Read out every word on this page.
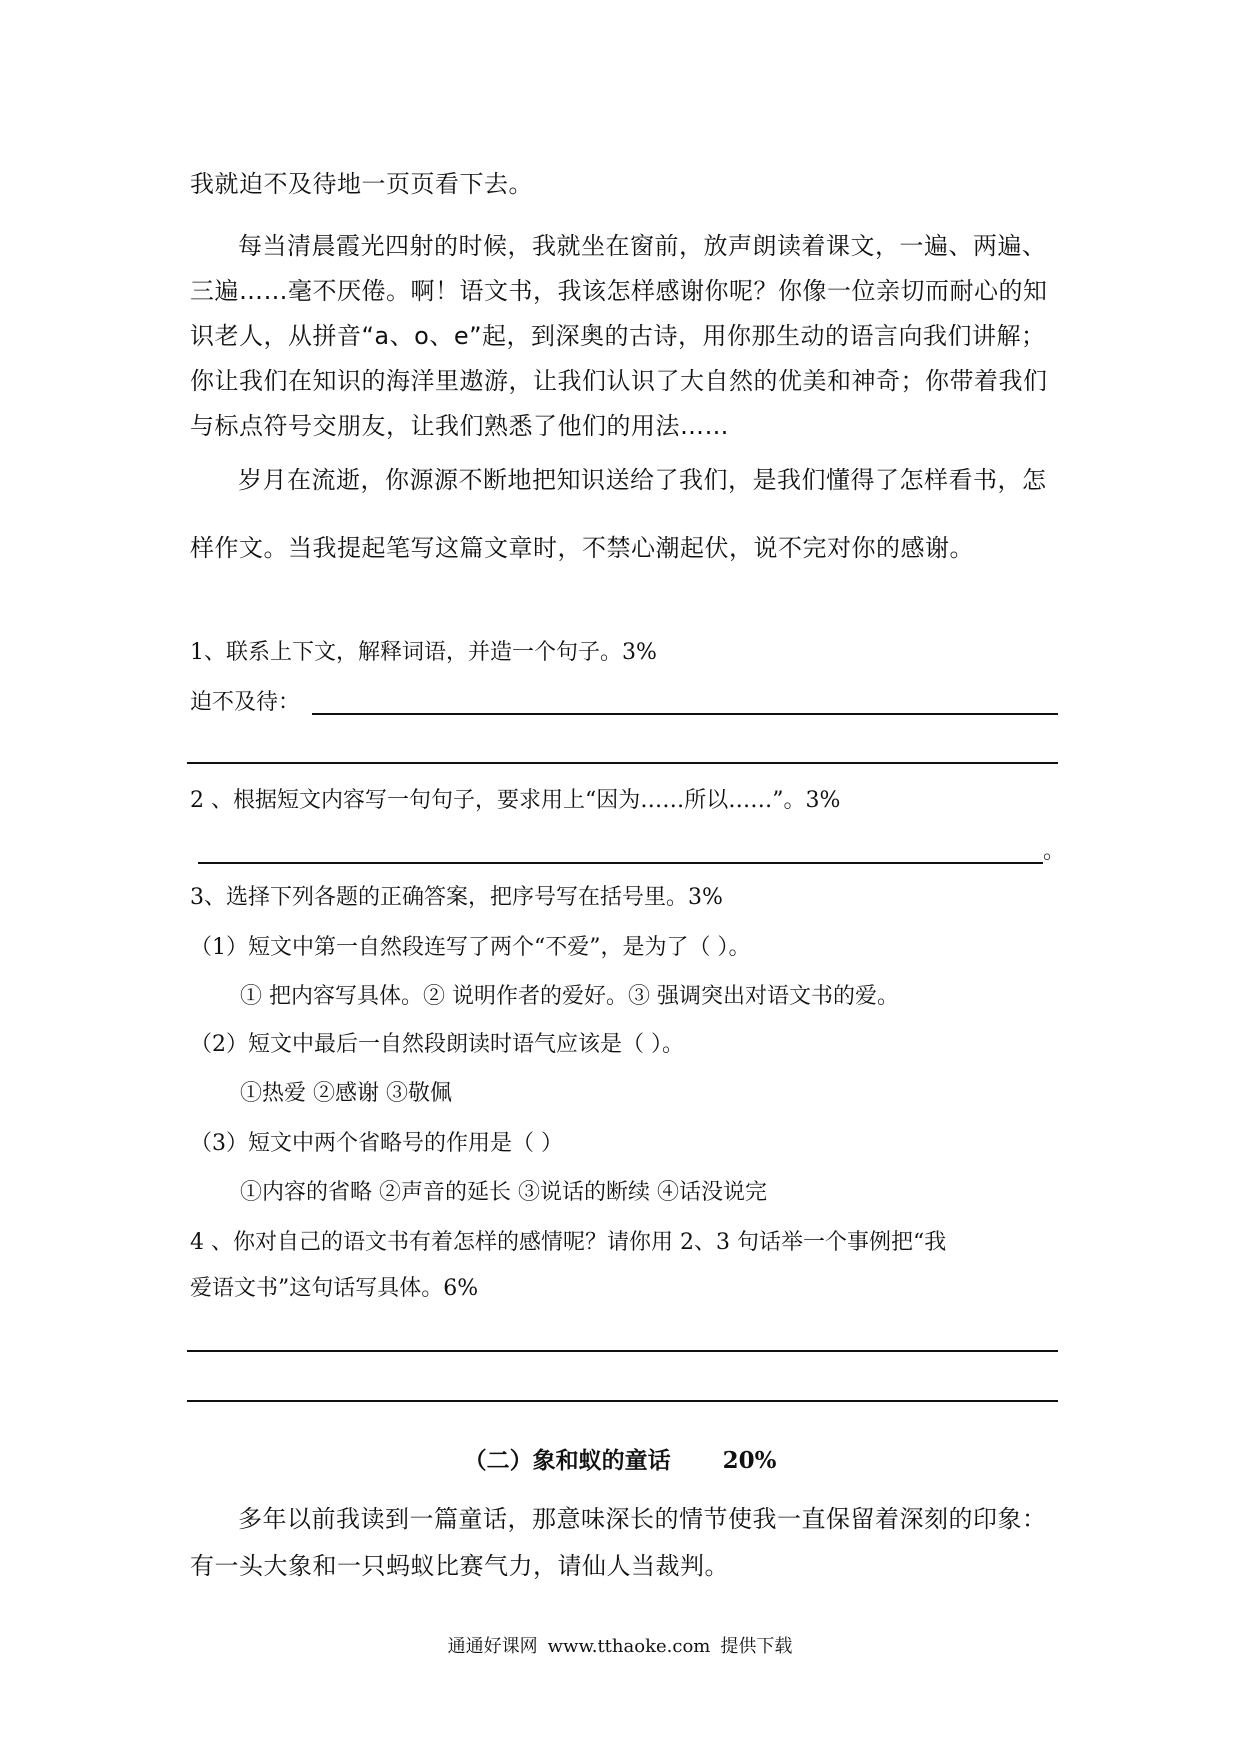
我就迫不及待地一页页看下去。
每当清晨霞光四射的时候，我就坐在窗前，放声朗读着课文，一遍、两遍、
三遍……毫不厌倦。啊！语文书，我该怎样感谢你呢？你像一位亲切而耐心的知
识老人，从拼音“a、o、e”起，到深奥的古诗，用你那生动的语言向我们讲解；
你让我们在知识的海洋里遨游，让我们认识了大自然的优美和神奇；你带着我们
与标点符号交朋友，让我们熟悉了他们的用法……
岁月在流逝，你源源不断地把知识送给了我们，是我们懂得了怎样看书，怎
样作文。当我提起笔写这篇文章时，不禁心潮起伏，说不完对你的感谢。
1、联系上下文，解释词语，并造一个句子。3%
迫不及待：
2 、根据短文内容写一句句子，要求用上“因为……所以……”。3%
。
3、选择下列各题的正确答案，把序号写在括号里。3%
（1）短文中第一自然段连写了两个“不爱”，是为了（ ）。
① 把内容写具体。② 说明作者的爱好。③ 强调突出对语文书的爱。
（2）短文中最后一自然段朗读时语气应该是（ ）。
①热爱 ②感谢 ③敬佩
（3）短文中两个省略号的作用是（ ）
①内容的省略 ②声音的延长 ③说话的断续 ④话没说完
4 、你对自己的语文书有着怎样的感情呢？请你用 2、3 句话举一个事例把“我
爱语文书”这句话写具体。6%
（二）象和蚁的童话 20%
多年以前我读到一篇童话，那意味深长的情节使我一直保留着深刻的印象：
有一头大象和一只蚂蚁比赛气力，请仙人当裁判。
通通好课网 www.tthaoke.com 提供下载
